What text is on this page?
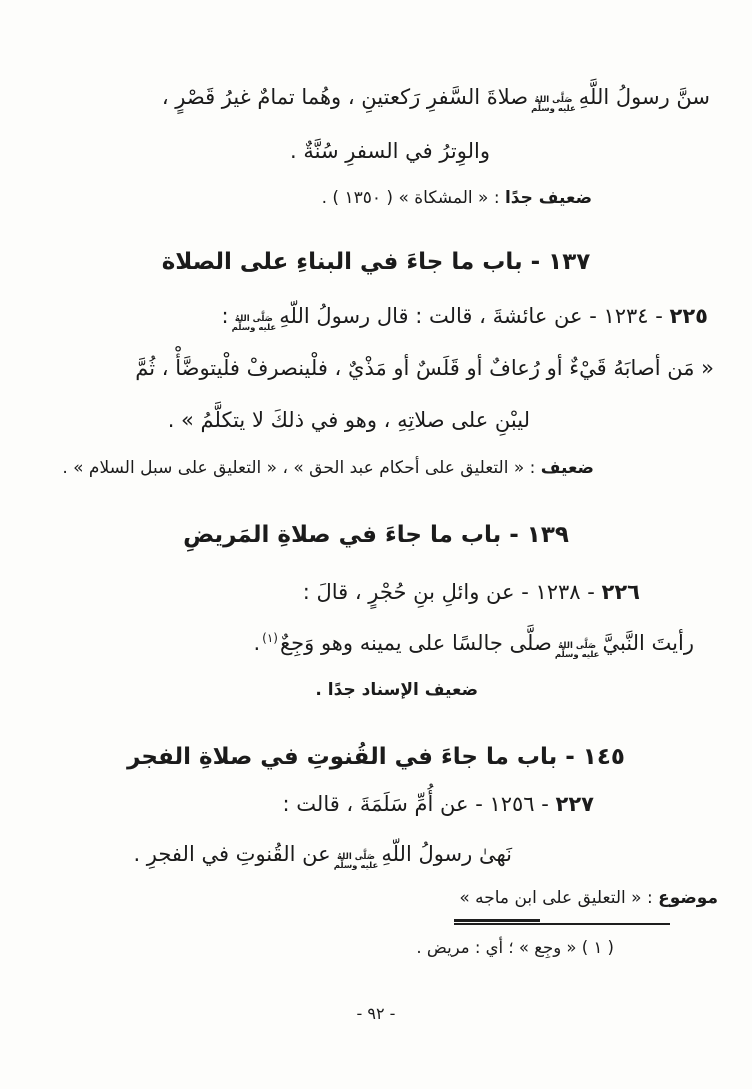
سنَّ رسولُ اللَّهِ
صَلَّى اللهُ
عليه وسلَّم
صلاةَ السَّفرِ رَكعتينِ ، وهُما تمامٌ غيرُ قَصْرٍ ،
والوِترُ في السفرِ سُنَّةٌ .
ضعيف جدًا : « المشكاة » ( ١٣٥٠ ) .
١٣٧ - باب ما جاءَ في البناءِ على الصلاة
٢٢٥ - ١٢٣٤ - عن عائشةَ ، قالت : قال رسولُ اللّهِ
صَلَّى اللهُ
عليه وسلَّم
:
« مَن أصابَهُ قَيْءٌ أو رُعافٌ أو قَلَسٌ أو مَذْيٌ ، فلْينصرفْ فلْيتوضَّأْ ، ثُمَّ
ليبْنِ على صلاتِهِ ، وهو في ذلكَ لا يتكلَّمُ » .
ضعيف : « التعليق على أحكام عبد الحق » ، « التعليق على سبل السلام » .
١٣٩ - باب ما جاءَ في صلاةِ المَريضِ
٢٢٦ - ١٢٣٨ - عن وائلِ بنِ حُجْرٍ ، قالَ :
رأيتَ النَّبيَّ
صَلَّى اللهُ
عليه وسلَّم
صلَّى جالسًا على يمينه وهو وَجِعٌ$^{(١)}$.
ضعيف الإسناد جدًا .
١٤٥ - باب ما جاءَ في القُنوتِ في صلاةِ الفجر
٢٢٧ - ١٢٥٦ - عن أُمِّ سَلَمَةَ ، قالت :
نَهىٰ رسولُ اللّهِ
صَلَّى اللهُ
عليه وسلَّم
عن القُنوتِ في الفجرِ .
موضوع : « التعليق على ابن ماجه »
( ١ ) « وجِع » ؛ أي : مريض .
- ٩٢ -
